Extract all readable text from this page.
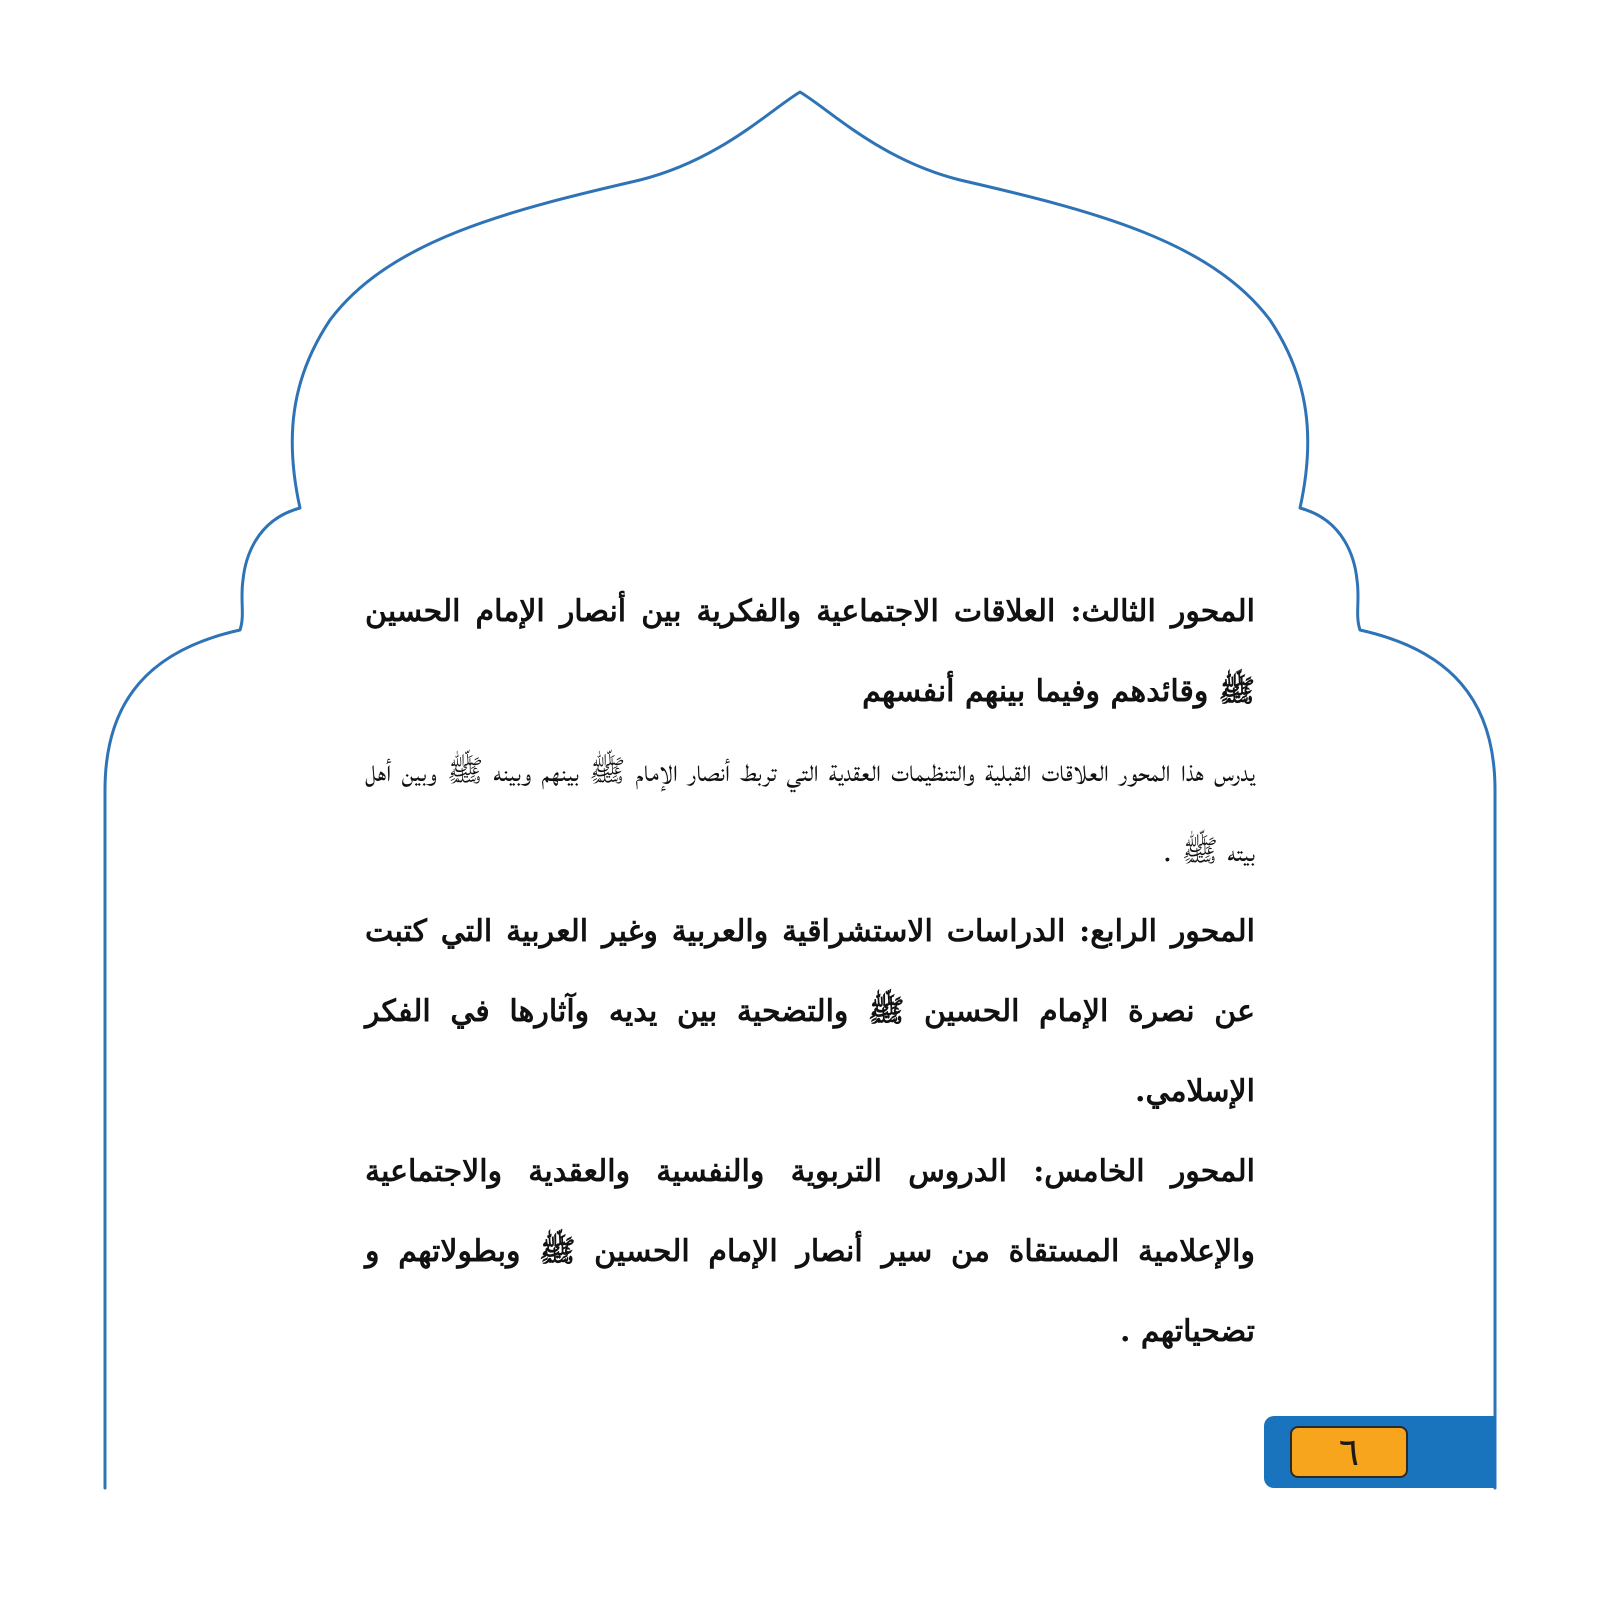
المحور الثالث: العلاقات الاجتماعية والفكرية بين أنصار الإمام الحسين ﷺ وقائدهم وفيما بينهم أنفسهم

يدرس هذا المحور العلاقات القبلية والتنظيمات العقدية التي تربط أنصار الإمام ﷺ بينهم وبينه ﷺ وبين أهل بيته ﷺ .

المحور الرابع: الدراسات الاستشراقية والعربية وغير العربية التي كتبت عن نصرة الإمام الحسين ﷺ والتضحية بين يديه وآثارها في الفكر الإسلامي.

المحور الخامس: الدروس التربوية والنفسية والعقدية والاجتماعية والإعلامية المستقاة من سير أنصار الإمام الحسين ﷺ وبطولاتهم و تضحياتهم .

٦
